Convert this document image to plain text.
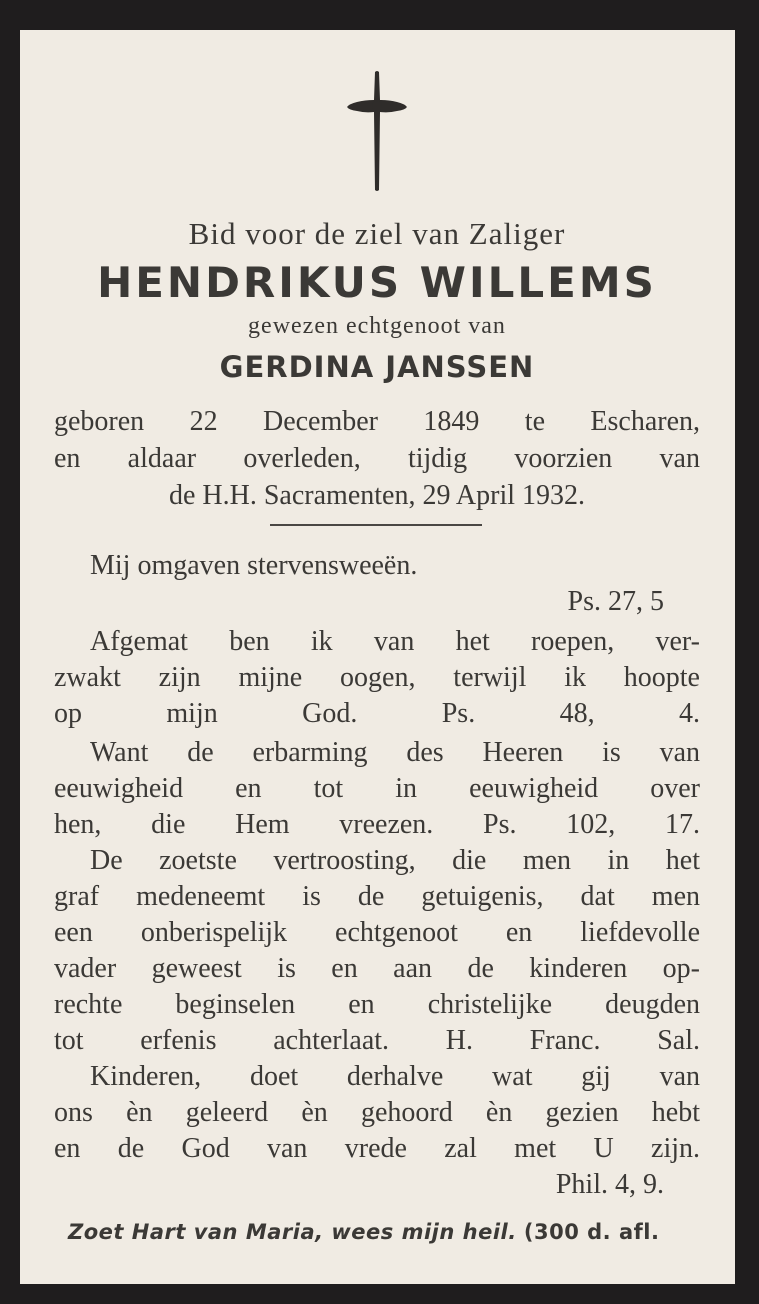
Bid voor de ziel van Zaliger

HENDRIKUS WILLEMS

gewezen echtgenoot van

GERDINA JANSSEN

geboren 22 December 1849 te Escharen,

en aldaar overleden, tijdig voorzien van

de H.H. Sacramenten, 29 April 1932.

Mij omgaven stervensweeën.

Ps. 27, 5

Afgemat ben ik van het roepen, ver-

zwakt zijn mijne oogen, terwijl ik hoopte

op mijn God. Ps. 48, 4.

Want de erbarming des Heeren is van

eeuwigheid en tot in eeuwigheid over

hen, die Hem vreezen. Ps. 102, 17.

De zoetste vertroosting, die men in het

graf medeneemt is de getuigenis, dat men

een onberispelijk echtgenoot en liefdevolle

vader geweest is en aan de kinderen op-

rechte beginselen en christelijke deugden

tot erfenis achterlaat. H. Franc. Sal.

Kinderen, doet derhalve wat gij van

ons èn geleerd èn gehoord èn gezien hebt

en de God van vrede zal met U zijn.

Phil. 4, 9.

Zoet Hart van Maria, wees mijn heil. (300 d. afl.
